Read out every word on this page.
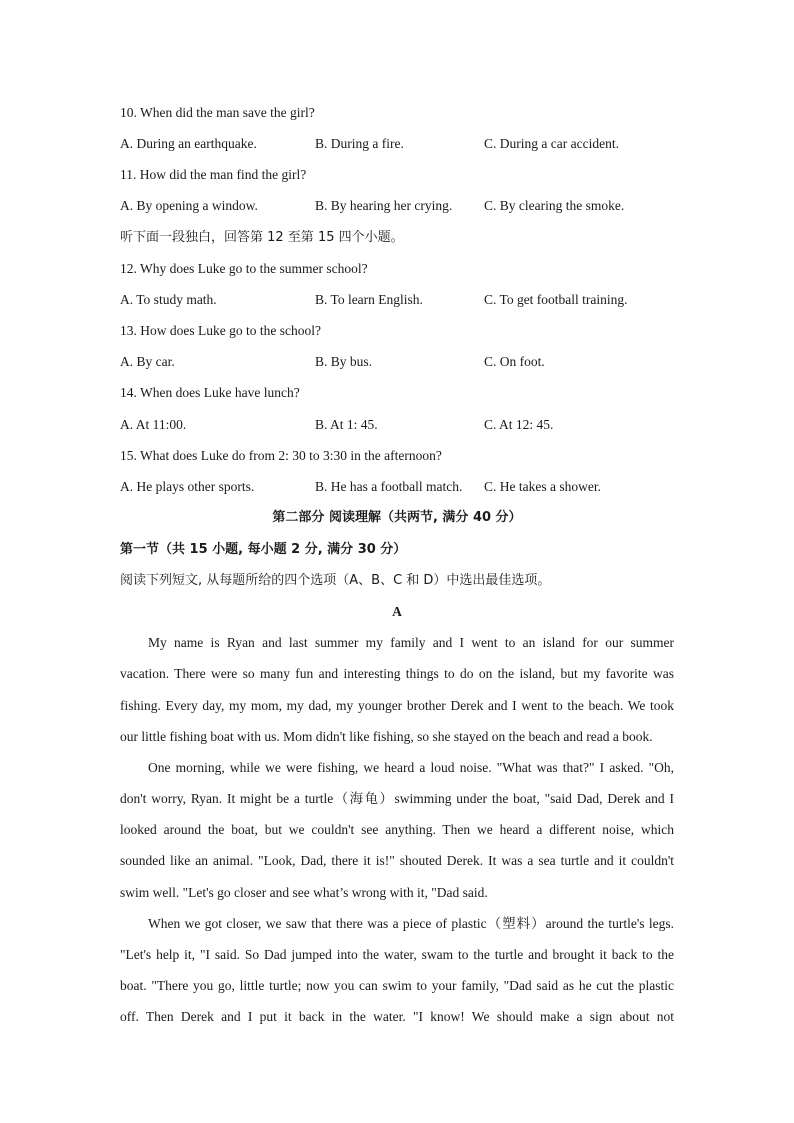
10. When did the man save the girl?
A. During an earthquake.	B. During a fire.	C. During a car accident.
11. How did the man find the girl?
A. By opening a window.	B. By hearing her crying. C. By clearing the smoke.
听下面一段独白，回答第 12 至第 15 四个小题。
12. Why does Luke go to the summer school?
A. To study math.	B. To learn English.	C. To get football training.
13. How does Luke go to the school?
A. By car.	B. By bus.	C. On foot.
14. When does Luke have lunch?
A. At 11:00.	B. At 1: 45.	C. At 12: 45.
15. What does Luke do from 2: 30 to 3:30 in the afternoon?
A. He plays other sports.	B. He has a football match. C. He takes a shower.
第二部分 阅读理解（共两节, 满分 40 分）
第一节（共 15 小题, 每小题 2 分, 满分 30 分）
阅读下列短文, 从每题所给的四个选项（A、B、C 和 D）中选出最佳选项。
A
My name is Ryan and last summer my family and I went to an island for our summer
vacation. There were so many fun and interesting things to do on the island, but my favorite was
fishing. Every day, my mom, my dad, my younger brother Derek and I went to the beach. We took
our little fishing boat with us. Mom didn't like fishing, so she stayed on the beach and read a book.
One morning, while we were fishing, we heard a loud noise. "What was that?" I asked. "Oh,
don't worry, Ryan. It might be a turtle（海龟）swimming under the boat, "said Dad, Derek and I
looked around the boat, but we couldn't see anything. Then we heard a different noise, which
sounded like an animal. "Look, Dad, there it is!" shouted Derek. It was a sea turtle and it couldn't
swim well. "Let's go closer and see what’s wrong with it, "Dad said.
When we got closer, we saw that there was a piece of plastic（塑料）around the turtle's legs.
"Let's help it, "I said. So Dad jumped into the water, swam to the turtle and brought it back to the
boat. "There you go, little turtle; now you can swim to your family, "Dad said as he cut the plastic
off. Then Derek and I put it back in the water. "I know! We should make a sign about not
